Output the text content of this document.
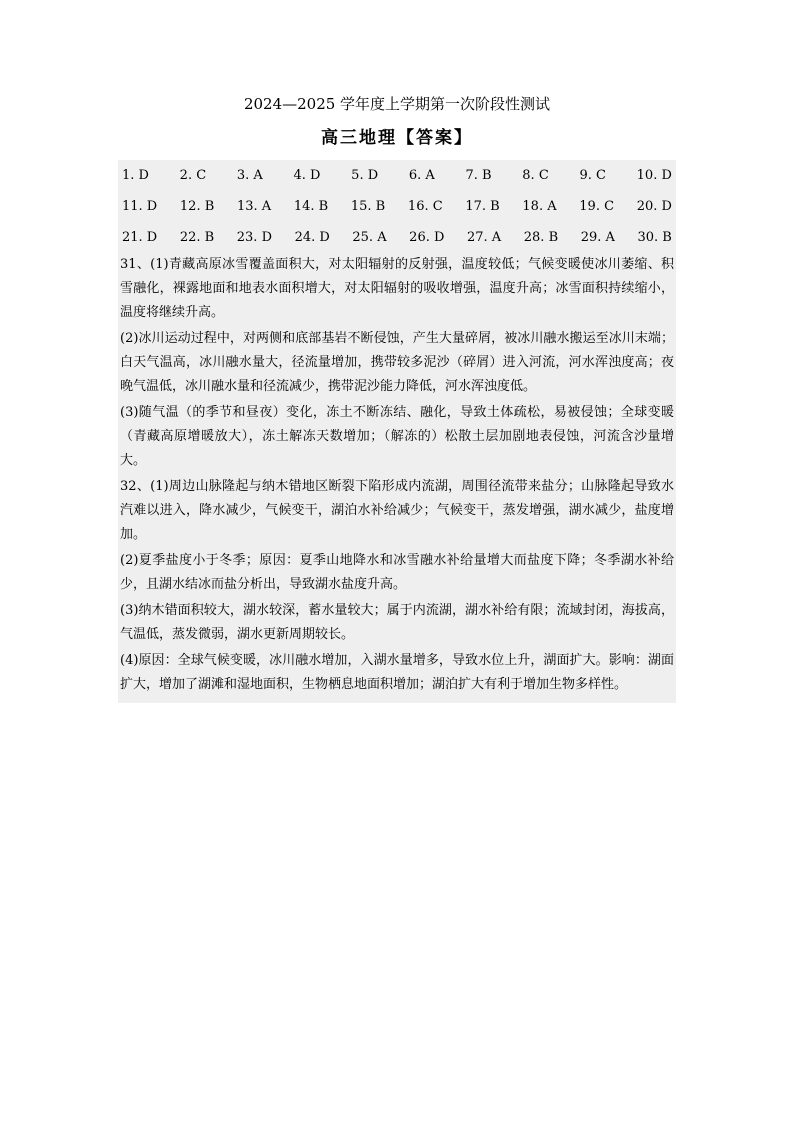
2024—2025 学年度上学期第一次阶段性测试
高三地理【答案】
1. D 2. C 3. A 4. D 5. D 6. A 7. B 8. C 9. C 10. D
11. D 12. B 13. A 14. B 15. B 16. C 17. B 18. A 19. C 20. D
21. D 22. B 23. D 24. D 25. A 26. D 27. A 28. B 29. A 30. B

31、(1)青藏高原冰雪覆盖面积大，对太阳辐射的反射强，温度较低；气候变暖使冰川萎缩、积雪融化，裸露地面和地表水面积增大，对太阳辐射的吸收增强，温度升高；冰雪面积持续缩小，温度将继续升高。

(2)冰川运动过程中，对两侧和底部基岩不断侵蚀，产生大量碎屑，被冰川融水搬运至冰川末端；白天气温高，冰川融水量大，径流量增加，携带较多泥沙（碎屑）进入河流，河水浑浊度高；夜晚气温低，冰川融水量和径流减少，携带泥沙能力降低，河水浑浊度低。

(3)随气温（的季节和昼夜）变化，冻土不断冻结、融化，导致土体疏松，易被侵蚀；全球变暖（青藏高原增暖放大），冻土解冻天数增加；（解冻的）松散土层加剧地表侵蚀，河流含沙量增大。

32、(1)周边山脉隆起与纳木错地区断裂下陷形成内流湖，周围径流带来盐分；山脉隆起导致水汽难以进入，降水减少，气候变干，湖泊水补给减少；气候变干，蒸发增强，湖水减少，盐度增加。

(2)夏季盐度小于冬季；原因：夏季山地降水和冰雪融水补给量增大而盐度下降；冬季湖水补给少，且湖水结冰而盐分析出，导致湖水盐度升高。

(3)纳木错面积较大，湖水较深，蓄水量较大；属于内流湖，湖水补给有限；流域封闭，海拔高，气温低，蒸发微弱，湖水更新周期较长。

(4)原因：全球气候变暖，冰川融水增加，入湖水量增多，导致水位上升，湖面扩大。影响：湖面扩大，增加了湖滩和湿地面积，生物栖息地面积增加；湖泊扩大有利于增加生物多样性。
